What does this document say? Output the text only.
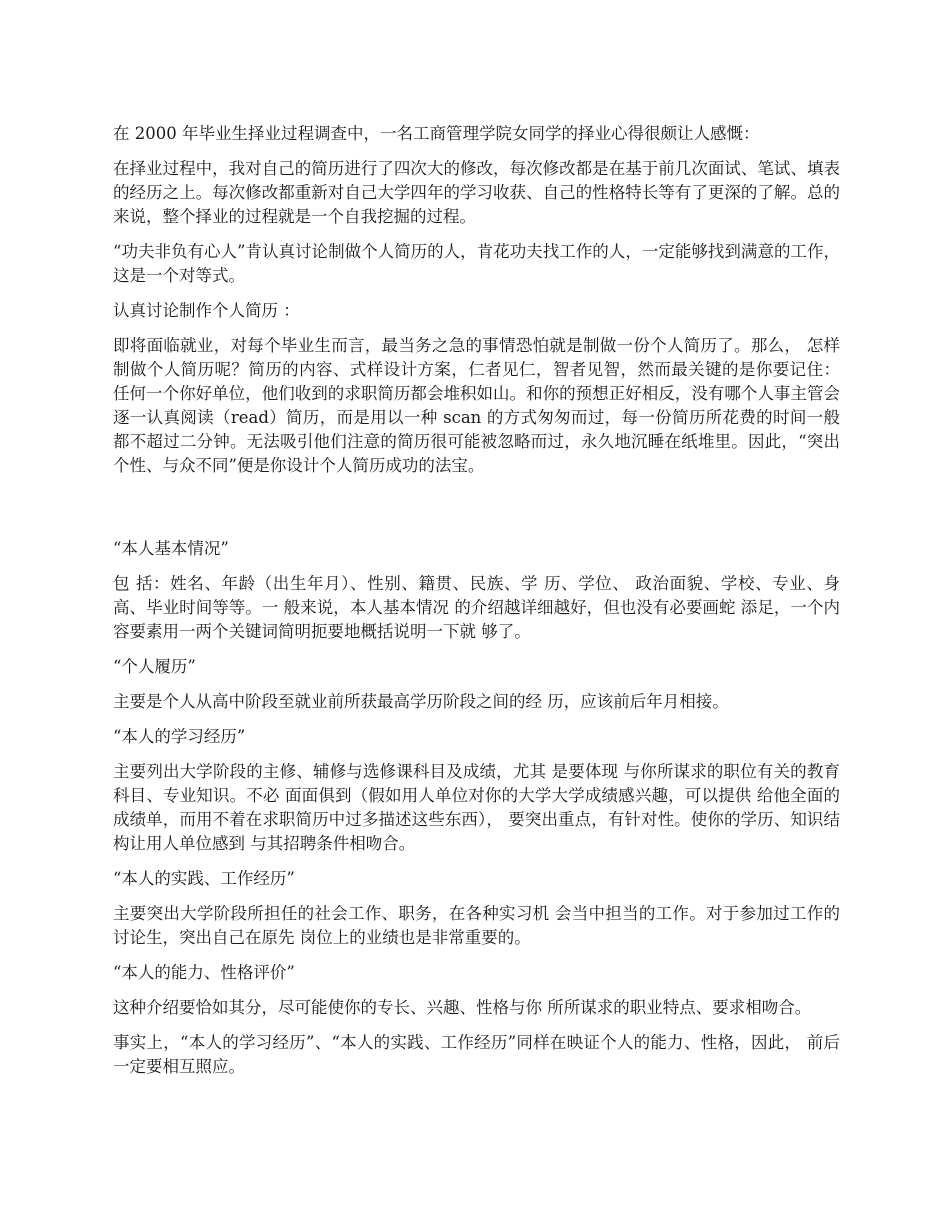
在 2000 年毕业生择业过程调查中，一名工商管理学院女同学的择业心得很颇让人感慨：

在择业过程中，我对自己的简历进行了四次大的修改，每次修改都是在基于前几次面试、笔试、填表的经历之上。每次修改都重新对自己大学四年的学习收获、自己的性格特长等有了更深的了解。总的来说，整个择业的过程就是一个自我挖掘的过程。

“功夫非负有心人”肯认真讨论制做个人简历的人，肯花功夫找工作的人，一定能够找到满意的工作，这是一个对等式。

认真讨论制作个人简历 ：

即将面临就业，对每个毕业生而言，最当务之急的事情恐怕就是制做一份个人简历了。那么， 怎样制做个人简历呢？简历的内容、式样设计方案，仁者见仁，智者见智，然而最关键的是你要记住： 任何一个你好单位，他们收到的求职简历都会堆积如山。和你的预想正好相反，没有哪个人事主管会逐一认真阅读（read）简历，而是用以一种 scan 的方式匆匆而过，每一份简历所花费的时间一般都不超过二分钟。无法吸引他们注意的简历很可能被忽略而过，永久地沉睡在纸堆里。因此，“突出个性、与众不同”便是你设计个人简历成功的法宝。

“本人基本情况”

包 括：姓名、年龄（出生年月）、性别、籍贯、民族、学 历、学位、 政治面貌、学校、专业、身高、毕业时间等等。一 般来说，本人基本情况 的介绍越详细越好，但也没有必要画蛇 添足，一个内容要素用一两个关键词简明扼要地概括说明一下就 够了。

“个人履历”

主要是个人从高中阶段至就业前所获最高学历阶段之间的经 历，应该前后年月相接。

“本人的学习经历”

主要列出大学阶段的主修、辅修与选修课科目及成绩，尤其 是要体现 与你所谋求的职位有关的教育科目、专业知识。不必 面面俱到（假如用人单位对你的大学大学成绩感兴趣，可以提供 给他全面的成绩单，而用不着在求职简历中过多描述这些东西）， 要突出重点，有针对性。使你的学历、知识结构让用人单位感到 与其招聘条件相吻合。

“本人的实践、工作经历”

主要突出大学阶段所担任的社会工作、职务，在各种实习机 会当中担当的工作。对于参加过工作的讨论生，突出自己在原先 岗位上的业绩也是非常重要的。

“本人的能力、性格评价”

这种介绍要恰如其分，尽可能使你的专长、兴趣、性格与你 所所谋求的职业特点、要求相吻合。

事实上，“本人的学习经历”、“本人的实践、工作经历”同样在映证个人的能力、性格，因此， 前后一定要相互照应。
